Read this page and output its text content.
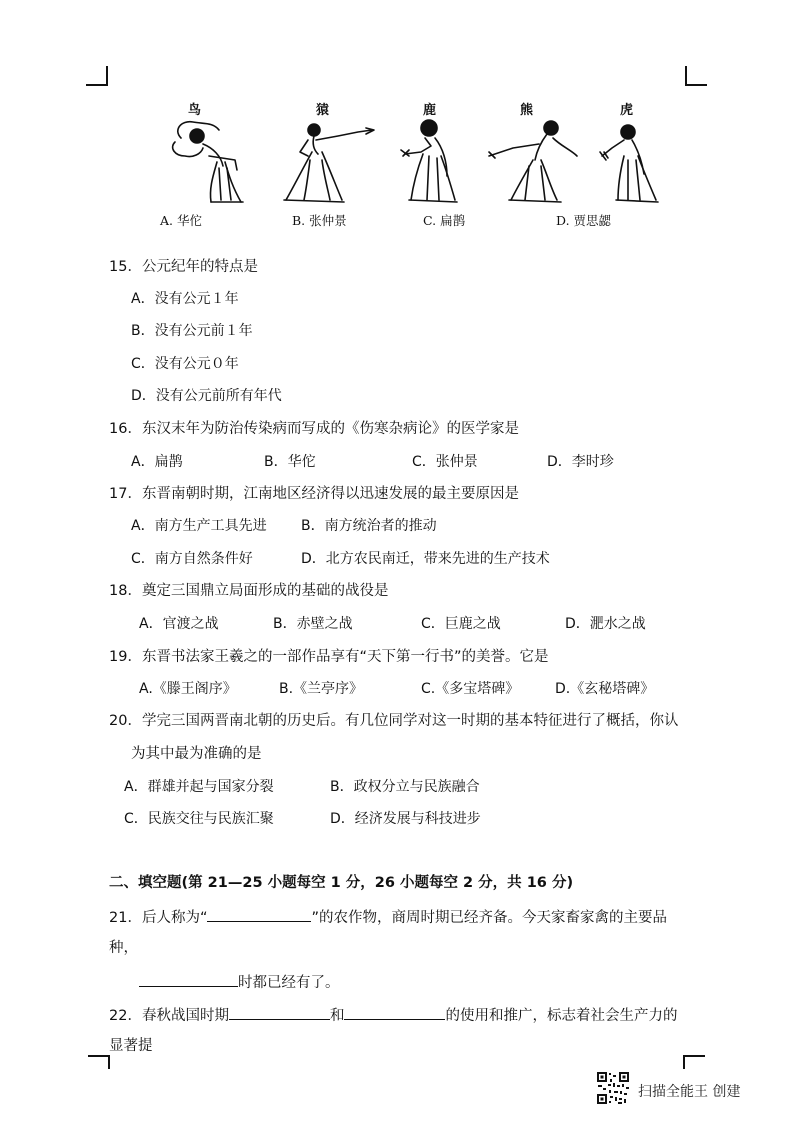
鸟	猿	鹿	熊	虎
A. 华佗	B. 张仲景	C. 扁鹊	D. 贾思勰
15．公元纪年的特点是
A．没有公元１年
B．没有公元前１年
C．没有公元０年
D．没有公元前所有年代
16．东汉末年为防治传染病而写成的《伤寒杂病论》的医学家是
A．扁鹊	B．华佗	C．张仲景	D．李时珍
17．东晋南朝时期，江南地区经济得以迅速发展的最主要原因是
A．南方生产工具先进 B．南方统治者的推动
C．南方自然条件好	D．北方农民南迁，带来先进的生产技术
18．奠定三国鼎立局面形成的基础的战役是
A．官渡之战	B．赤壁之战	C．巨鹿之战	D．淝水之战
19．东晋书法家王羲之的一部作品享有“天下第一行书”的美誉。它是
A.《滕王阁序》	B.《兰亭序》	C.《多宝塔碑》	D.《玄秘塔碑》
20．学完三国两晋南北朝的历史后。有几位同学对这一时期的基本特征进行了概括，你认
为其中最为准确的是
A．群雄并起与国家分裂	B．政权分立与民族融合
C．民族交往与民族汇聚	D．经济发展与科技进步
二、填空题(第 21—25 小题每空 1 分，26 小题每空 2 分，共 16 分)
21．后人称为“	”的农作物，商周时期已经齐备。今天家畜家禽的主要品
种，
时都已经有了。
22．春秋战国时期	和	的使用和推广，标志着社会生产力的
显著提
扫描全能王 创建
